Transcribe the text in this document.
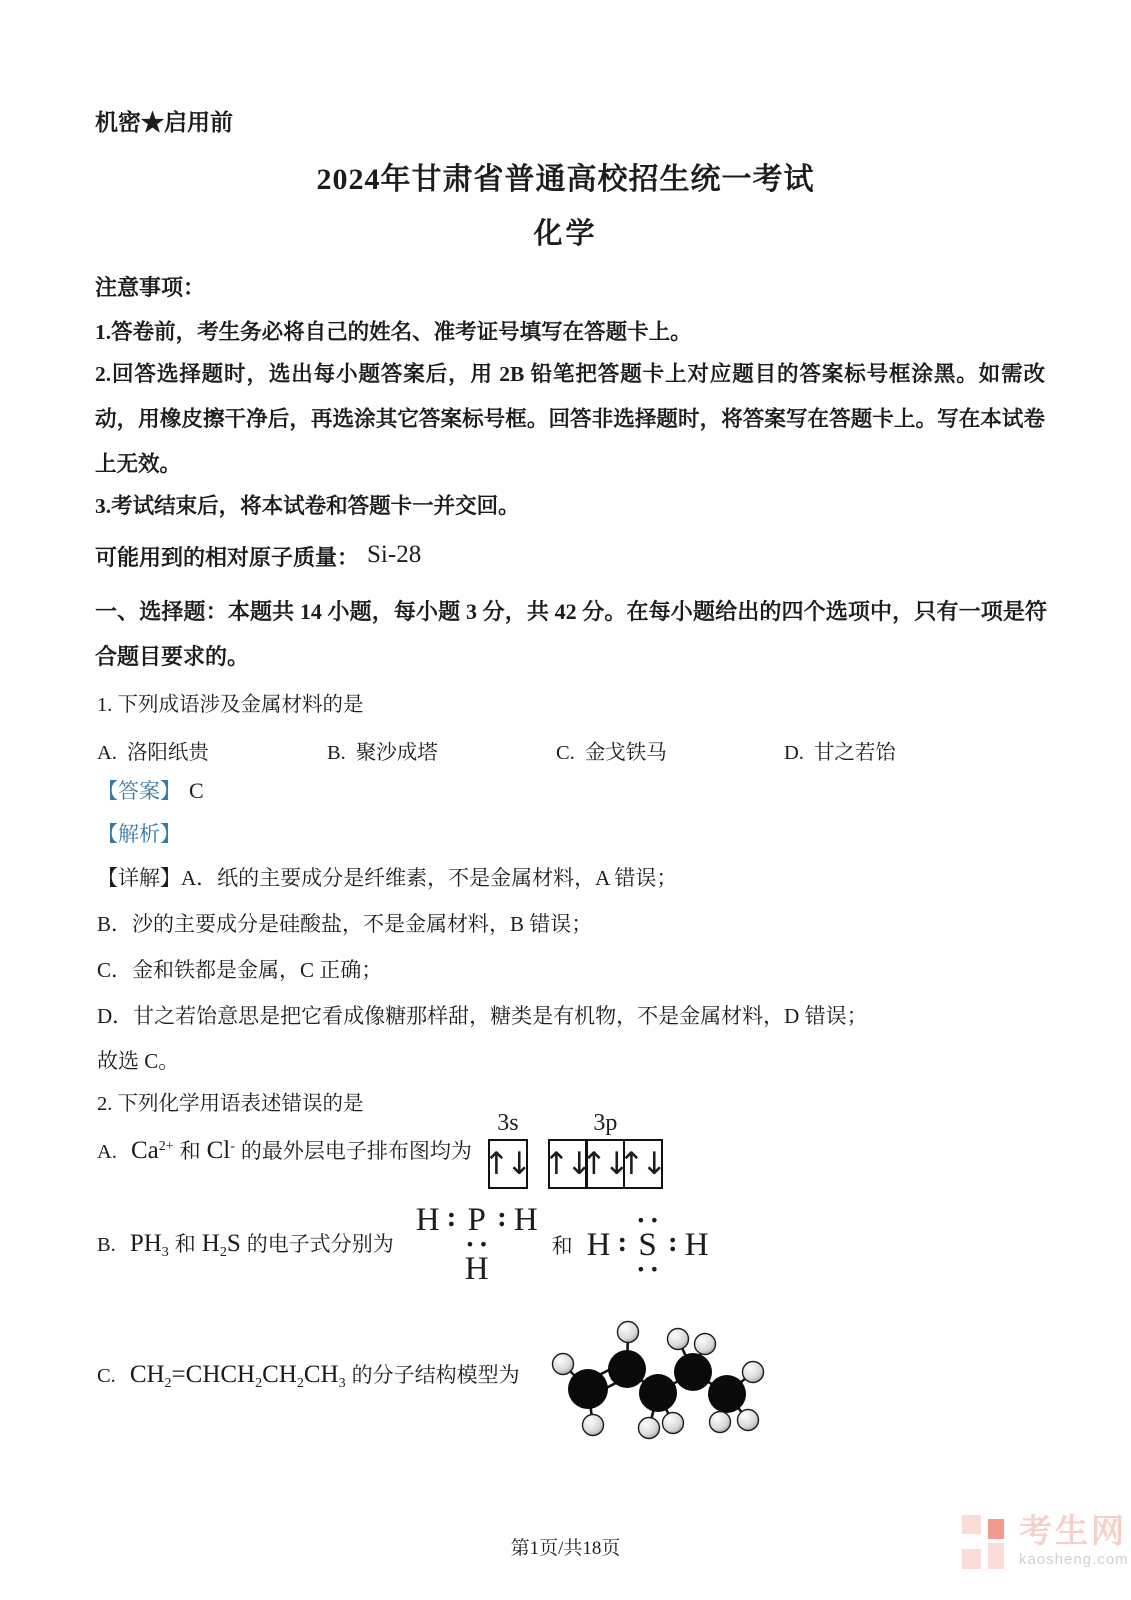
机密★启用前
2024年甘肃省普通高校招生统一考试
化学
注意事项：

1.答卷前，考生务必将自己的姓名、准考证号填写在答题卡上。

2.回答选择题时，选出每小题答案后，用 2B 铅笔把答题卡上对应题目的答案标号框涂黑。如需改动，用橡皮擦干净后，再选涂其它答案标号框。回答非选择题时，将答案写在答题卡上。写在本试卷上无效。

3.考试结束后，将本试卷和答题卡一并交回。

可能用到的相对原子质量： Si-28

一、选择题：本题共 14 小题，每小题 3 分，共 42 分。在每小题给出的四个选项中，只有一项是符合题目要求的。

1. 下列成语涉及金属材料的是

A. 洛阳纸贵	B. 聚沙成塔	C. 金戈铁马	D. 甘之若饴

【答案】 C

【解析】

【详解】A．纸的主要成分是纤维素，不是金属材料，A 错误；

B．沙的主要成分是硅酸盐，不是金属材料，B 错误；

C．金和铁都是金属，C 正确；

D．甘之若饴意思是把它看成像糖那样甜，糖类是有机物，不是金属材料，D 错误；

故选 C。

2. 下列化学用语表述错误的是

A. $Ca^{2+}$ 和 Cl- 的最外层电子排布图均为
3s
↑↓
3p
↑↓
↑↓
↑↓
B. $PH_3$ 和 $H_2S$ 的电子式分别为
H : P : H
••
H
和
••
H : S : H
••
C. $CH_2=CHCH_2CH_2CH_3$ 的分子结构模型为
第1页/共18页	考生网
kaosheng.com
